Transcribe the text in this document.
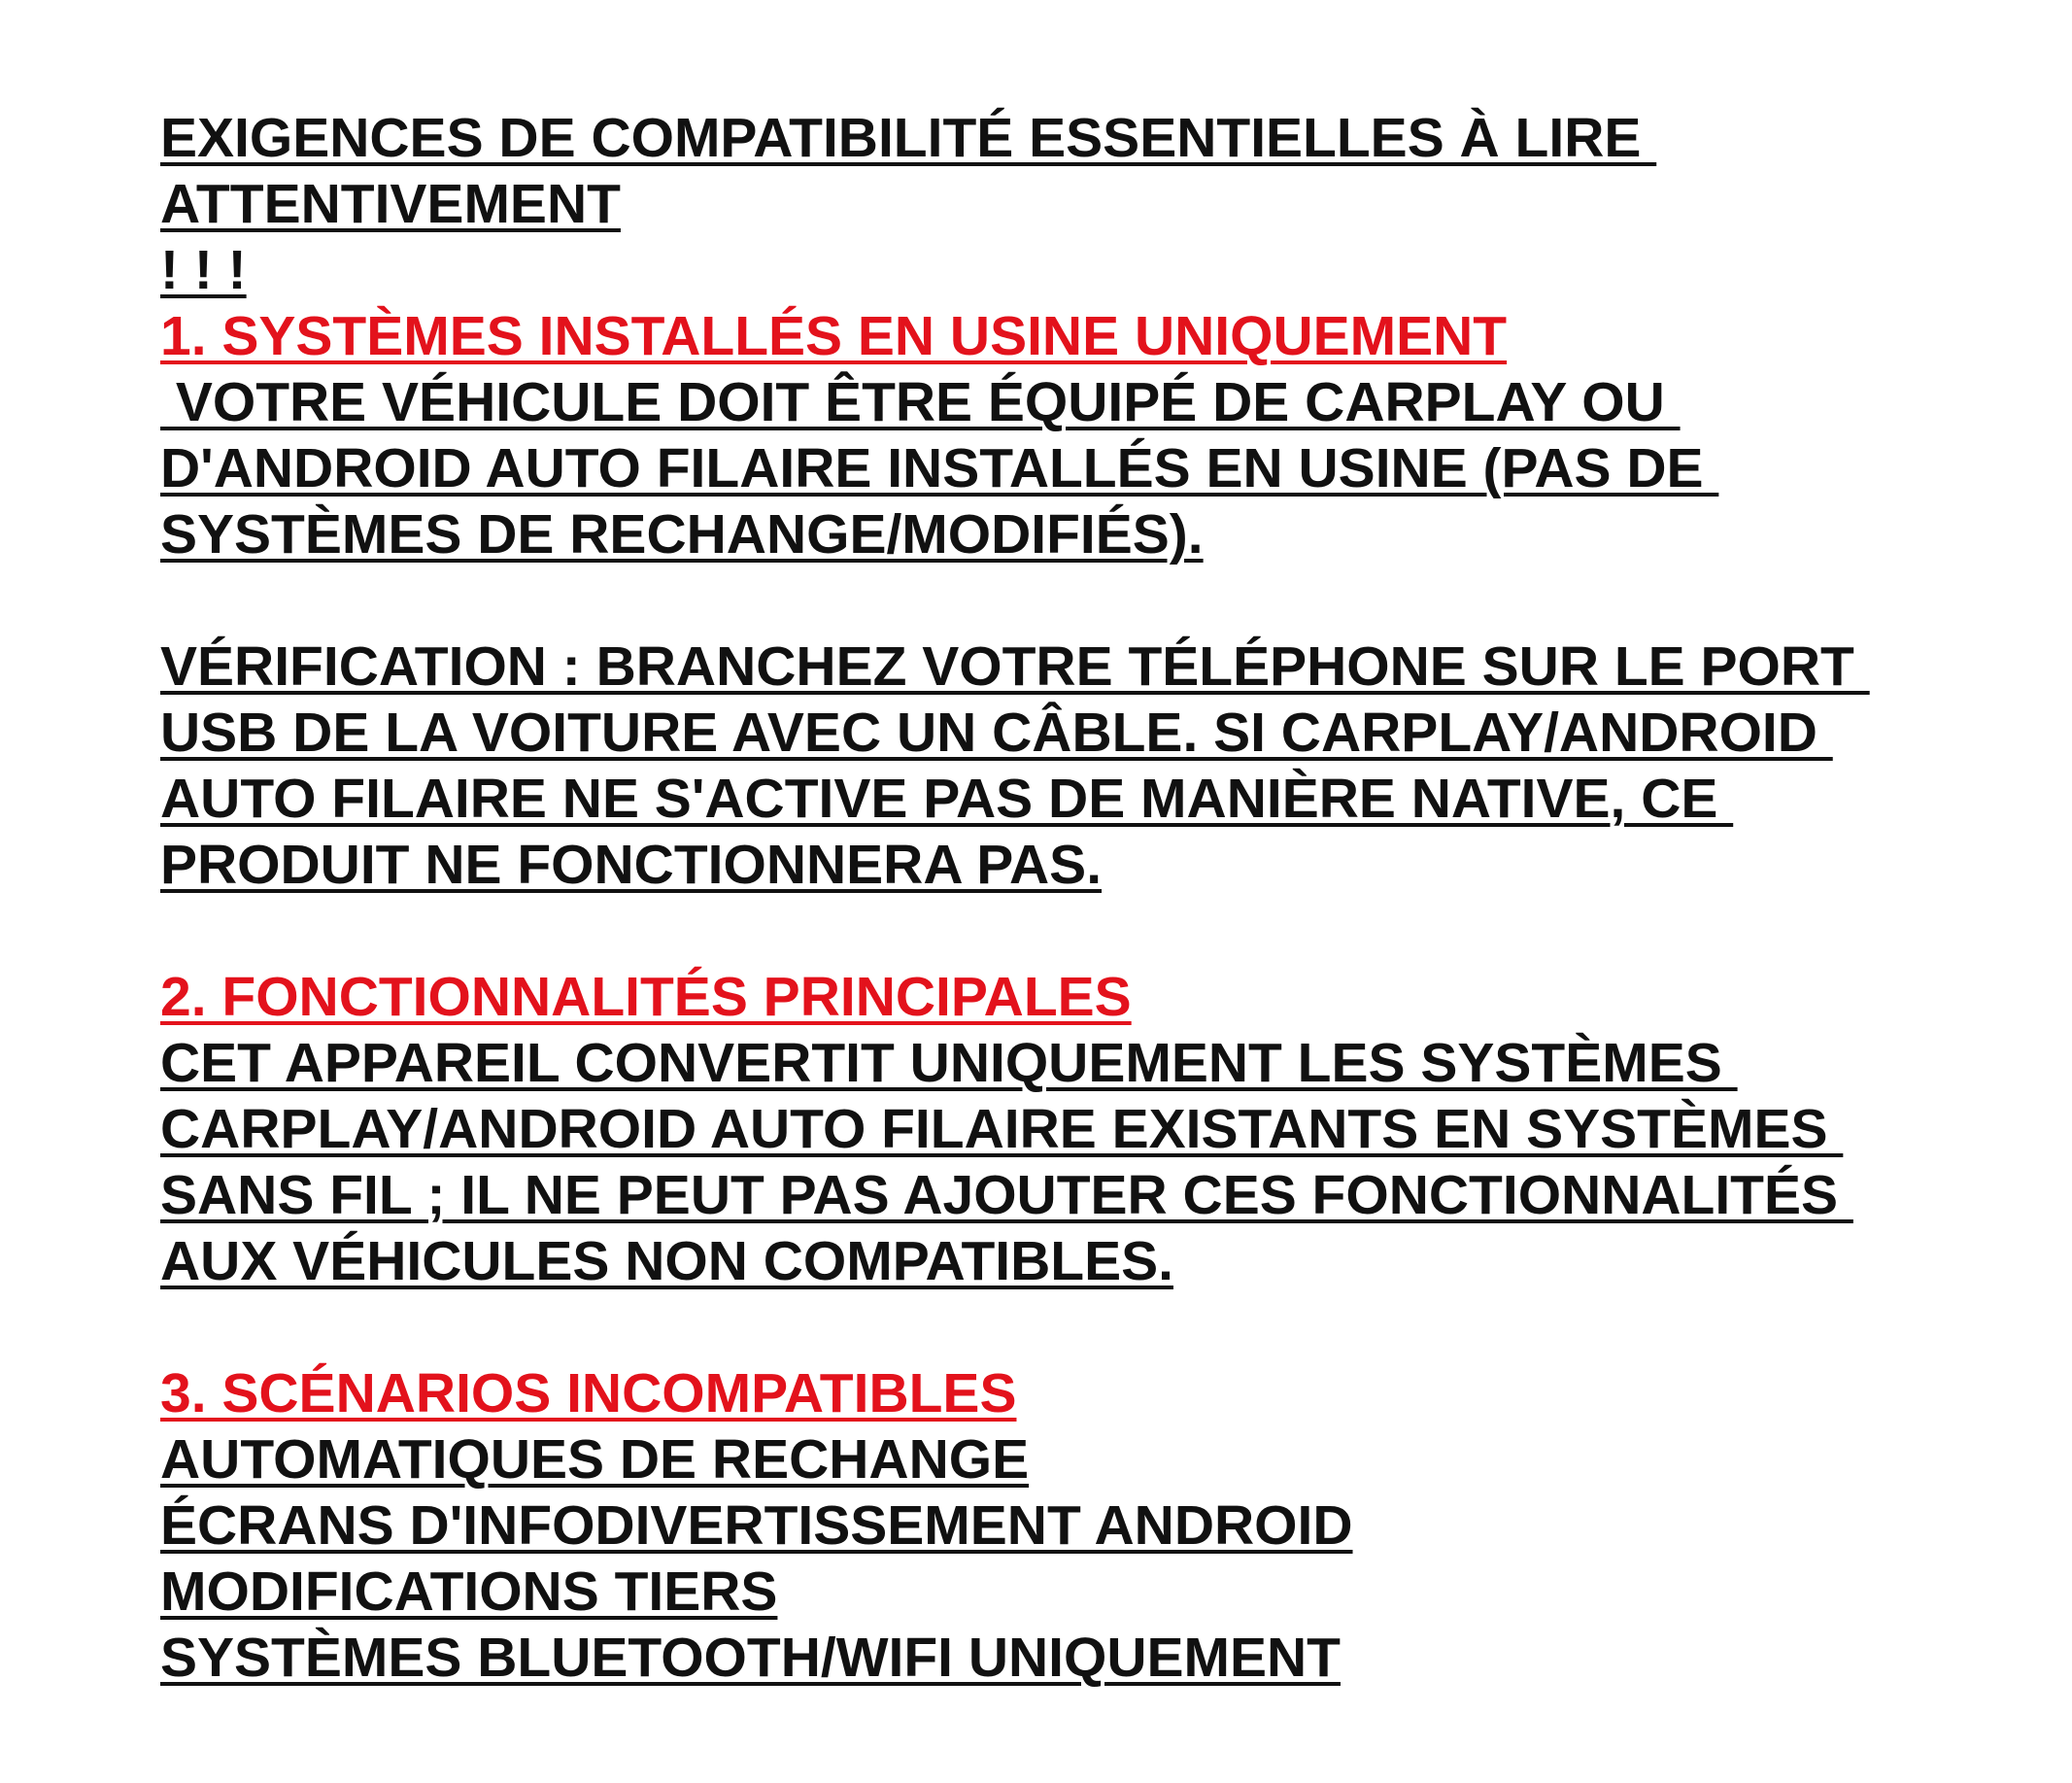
EXIGENCES DE COMPATIBILITÉ ESSENTIELLES À LIRE
ATTENTIVEMENT
! ! !
1. SYSTÈMES INSTALLÉS EN USINE UNIQUEMENT
VOTRE VÉHICULE DOIT ÊTRE ÉQUIPÉ DE CARPLAY OU
D'ANDROID AUTO FILAIRE INSTALLÉS EN USINE (PAS DE
SYSTÈMES DE RECHANGE/MODIFIÉS).
VÉRIFICATION : BRANCHEZ VOTRE TÉLÉPHONE SUR LE PORT
USB DE LA VOITURE AVEC UN CÂBLE. SI CARPLAY/ANDROID
AUTO FILAIRE NE S'ACTIVE PAS DE MANIÈRE NATIVE, CE
PRODUIT NE FONCTIONNERA PAS.
2. FONCTIONNALITÉS PRINCIPALES
CET APPAREIL CONVERTIT UNIQUEMENT LES SYSTÈMES
CARPLAY/ANDROID AUTO FILAIRE EXISTANTS EN SYSTÈMES
SANS FIL ; IL NE PEUT PAS AJOUTER CES FONCTIONNALITÉS
AUX VÉHICULES NON COMPATIBLES.
3. SCÉNARIOS INCOMPATIBLES
AUTOMATIQUES DE RECHANGE
ÉCRANS D'INFODIVERTISSEMENT ANDROID
MODIFICATIONS TIERS
SYSTÈMES BLUETOOTH/WIFI UNIQUEMENT
